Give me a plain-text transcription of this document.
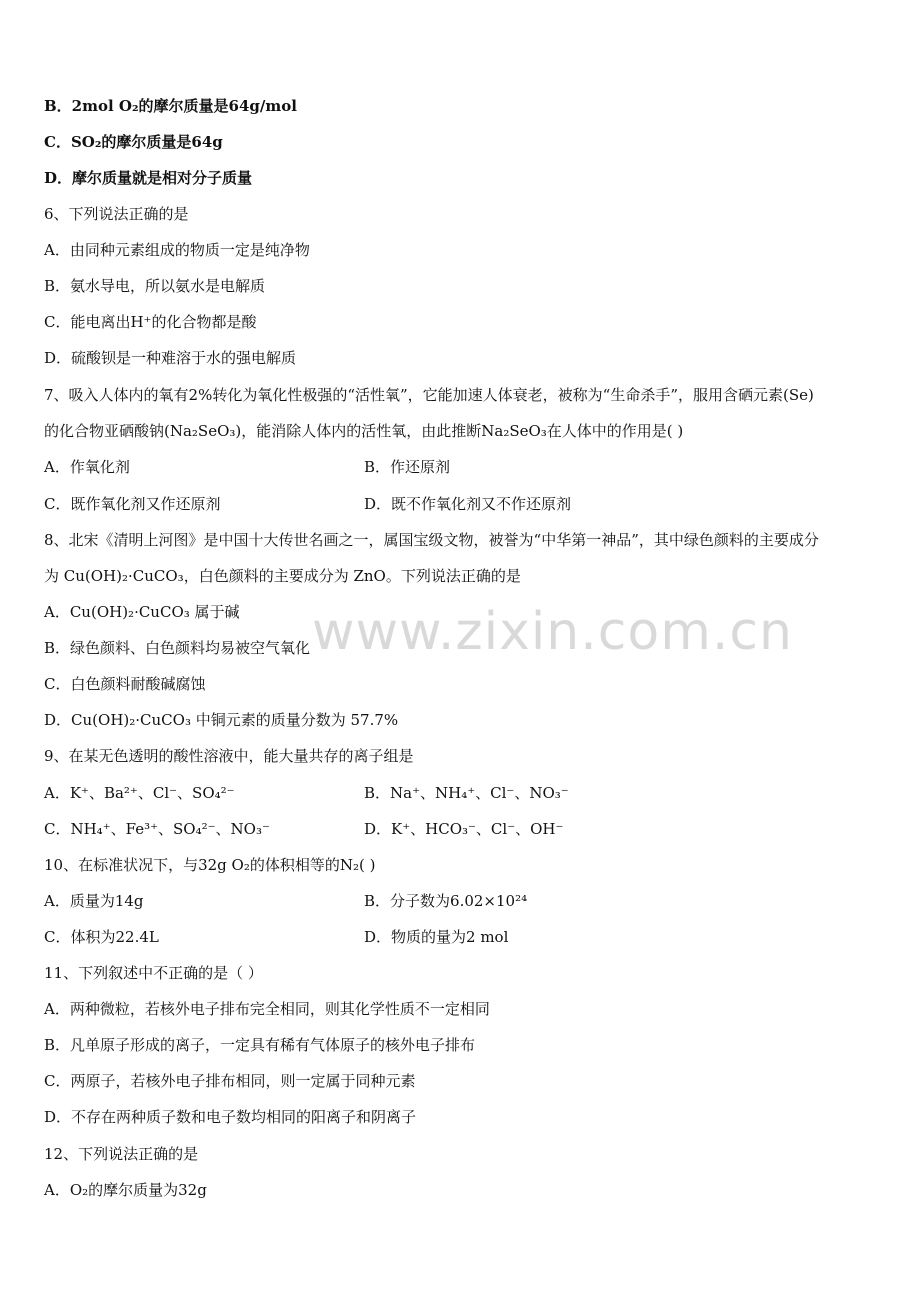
www.zixin.com.cn
B．2mol O₂的摩尔质量是64g/mol
C．SO₂的摩尔质量是64g
D．摩尔质量就是相对分子质量
6、下列说法正确的是
A．由同种元素组成的物质一定是纯净物
B．氨水导电，所以氨水是电解质
C．能电离出H⁺的化合物都是酸
D．硫酸钡是一种难溶于水的强电解质
7、吸入人体内的氧有2%转化为氧化性极强的“活性氧”，它能加速人体衰老，被称为“生命杀手”，服用含硒元素(Se)
的化合物亚硒酸钠(Na₂SeO₃)，能消除人体内的活性氧，由此推断Na₂SeO₃在人体中的作用是( )
A．作氧化剂	B．作还原剂
C．既作氧化剂又作还原剂	D．既不作氧化剂又不作还原剂
8、北宋《清明上河图》是中国十大传世名画之一，属国宝级文物，被誉为“中华第一神品”，其中绿色颜料的主要成分
为 Cu(OH)₂·CuCO₃，白色颜料的主要成分为 ZnO。下列说法正确的是
A．Cu(OH)₂·CuCO₃ 属于碱
B．绿色颜料、白色颜料均易被空气氧化
C．白色颜料耐酸碱腐蚀
D．Cu(OH)₂·CuCO₃ 中铜元素的质量分数为 57.7%
9、在某无色透明的酸性溶液中，能大量共存的离子组是
A．K⁺、Ba²⁺、Cl⁻、SO₄²⁻	B．Na⁺、NH₄⁺、Cl⁻、NO₃⁻
C．NH₄⁺、Fe³⁺、SO₄²⁻、NO₃⁻	D．K⁺、HCO₃⁻、Cl⁻、OH⁻
10、在标准状况下，与32g O₂的体积相等的N₂( )
A．质量为14g	B．分子数为6.02×10²⁴
C．体积为22.4L	D．物质的量为2 mol
11、下列叙述中不正确的是（ ）
A．两种微粒，若核外电子排布完全相同，则其化学性质不一定相同
B．凡单原子形成的离子，一定具有稀有气体原子的核外电子排布
C．两原子，若核外电子排布相同，则一定属于同种元素
D．不存在两种质子数和电子数均相同的阳离子和阴离子
12、下列说法正确的是
A．O₂的摩尔质量为32g
